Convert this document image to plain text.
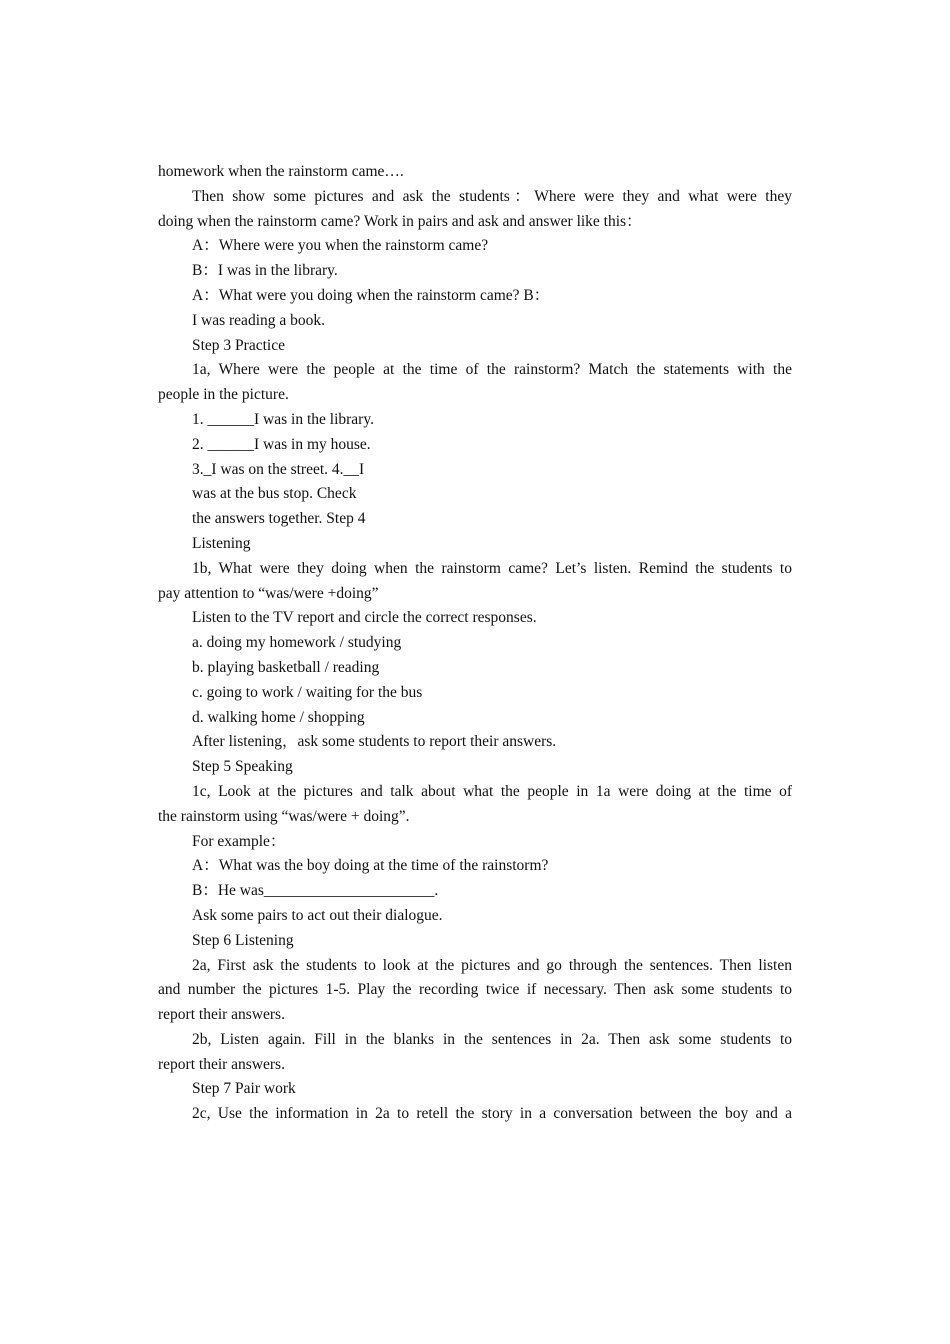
homework when the rainstorm came….
Then show some pictures and ask the students：Where were they and what were they
doing when the rainstorm came? Work in pairs and ask and answer like this：
A：Where were you when the rainstorm came?
B：I was in the library.
A：What were you doing when the rainstorm came? B：
I was reading a book.
Step 3 Practice
1a, Where were the people at the time of the rainstorm? Match the statements with the
people in the picture.
1. ______I was in the library.
2. ______I was in my house.
3._I was on the street. 4.__I
was at the bus stop. Check
the answers together. Step 4
Listening
1b, What were they doing when the rainstorm came? Let’s listen. Remind the students to
pay attention to “was/were +doing”
Listen to the TV report and circle the correct responses.
a. doing my homework / studying
b. playing basketball / reading
c. going to work / waiting for the bus
d. walking home / shopping
After listening，ask some students to report their answers.
Step 5 Speaking
1c, Look at the pictures and talk about what the people in 1a were doing at the time of
the rainstorm using “was/were + doing”.
For example：
A：What was the boy doing at the time of the rainstorm?
B：He was______________________.
Ask some pairs to act out their dialogue.
Step 6 Listening
2a, First ask the students to look at the pictures and go through the sentences. Then listen
and number the pictures 1-5. Play the recording twice if necessary. Then ask some students to
report their answers.
2b, Listen again. Fill in the blanks in the sentences in 2a. Then ask some students to
report their answers.
Step 7 Pair work
2c, Use the information in 2a to retell the story in a conversation between the boy and a
